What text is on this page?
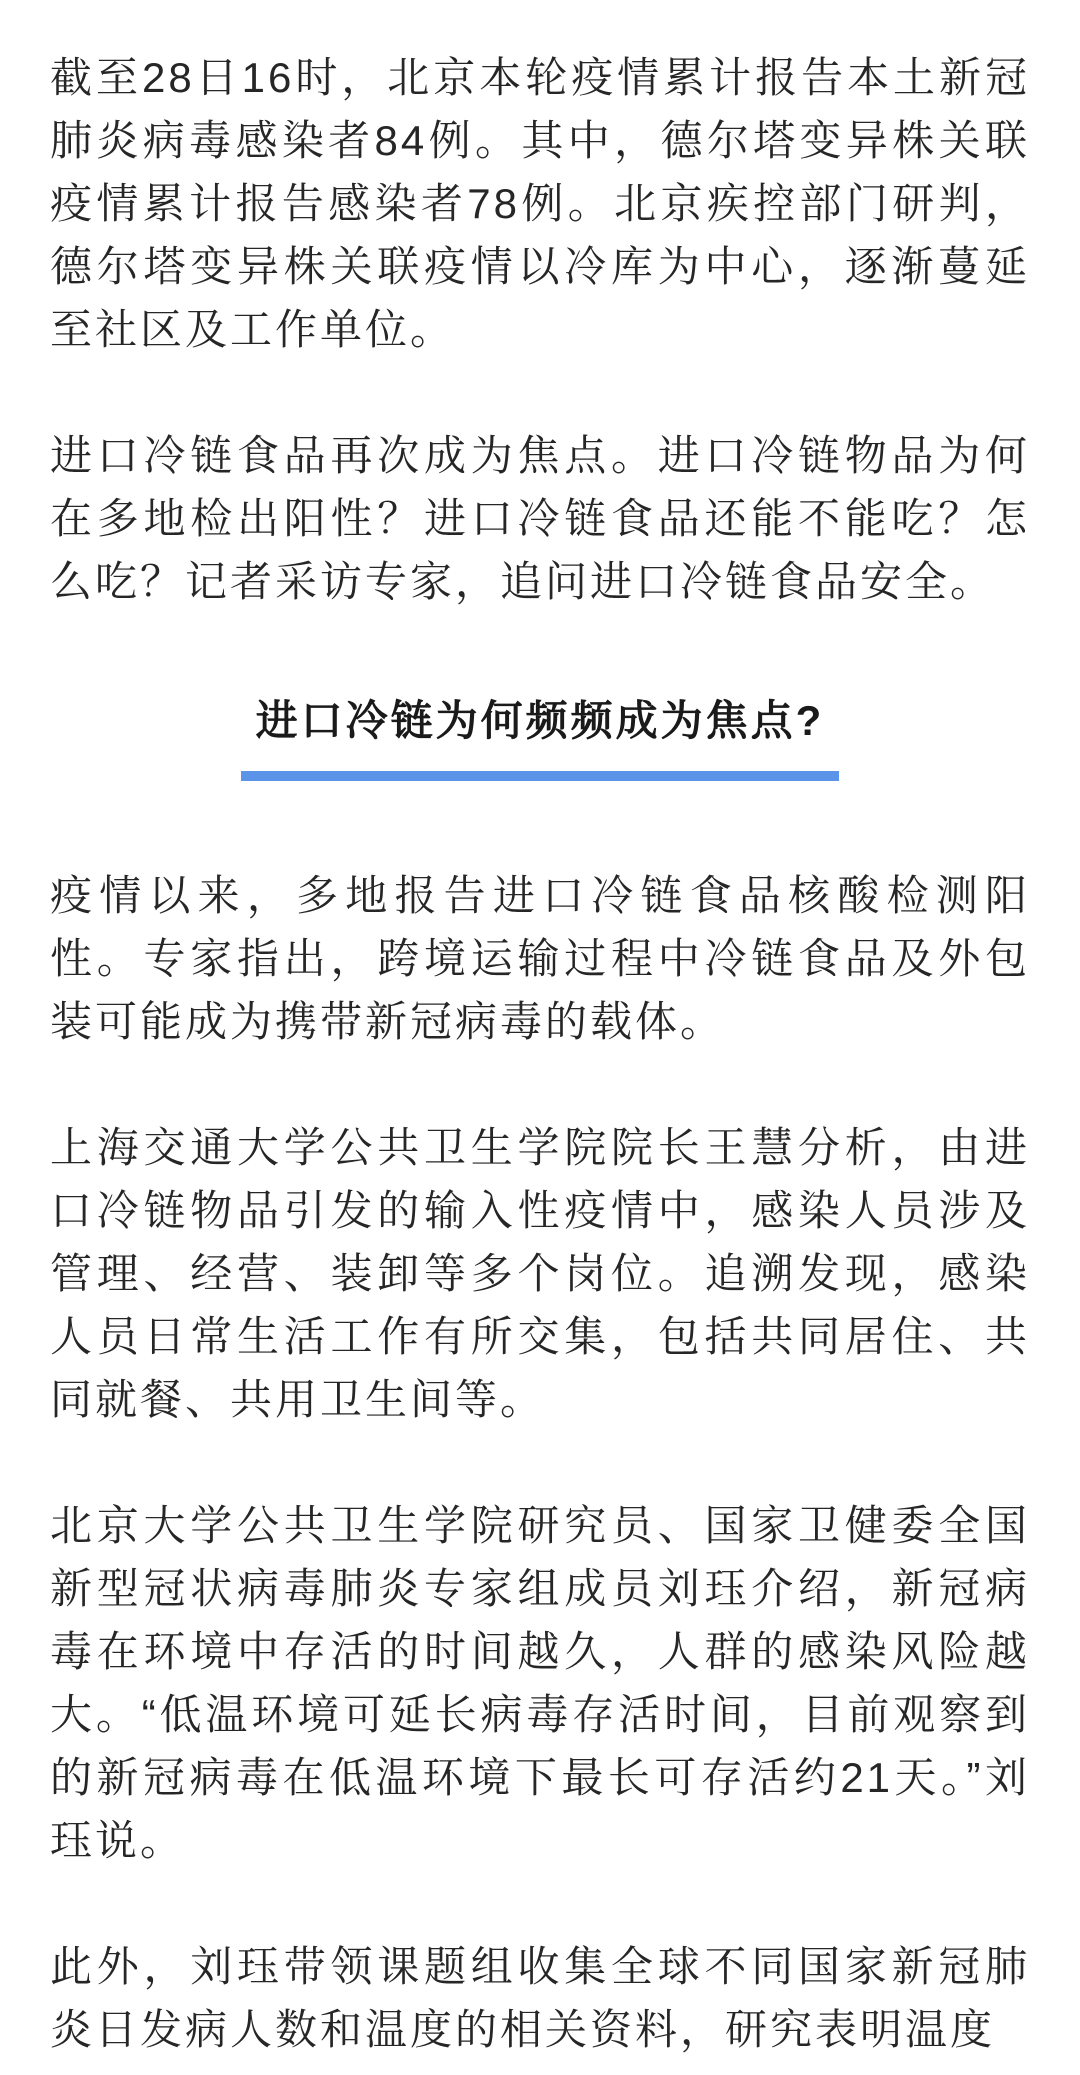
截至28日16时，北京本轮疫情累计报告本土新冠肺炎病毒感染者84例。其中，德尔塔变异株关联疫情累计报告感染者78例。北京疾控部门研判，德尔塔变异株关联疫情以冷库为中心，逐渐蔓延至社区及工作单位。

进口冷链食品再次成为焦点。进口冷链物品为何在多地检出阳性？进口冷链食品还能不能吃？怎么吃？记者采访专家，追问进口冷链食品安全。

进口冷链为何频频成为焦点?

疫情以来，多地报告进口冷链食品核酸检测阳性。专家指出，跨境运输过程中冷链食品及外包装可能成为携带新冠病毒的载体。

上海交通大学公共卫生学院院长王慧分析，由进口冷链物品引发的输入性疫情中，感染人员涉及管理、经营、装卸等多个岗位。追溯发现，感染人员日常生活工作有所交集，包括共同居住、共同就餐、共用卫生间等。

北京大学公共卫生学院研究员、国家卫健委全国新型冠状病毒肺炎专家组成员刘珏介绍，新冠病毒在环境中存活的时间越久，人群的感染风险越大。“低温环境可延长病毒存活时间，目前观察到的新冠病毒在低温环境下最长可存活约21天。”刘珏说。

此外，刘珏带领课题组收集全球不同国家新冠肺炎日发病人数和温度的相关资料，研究表明温度
